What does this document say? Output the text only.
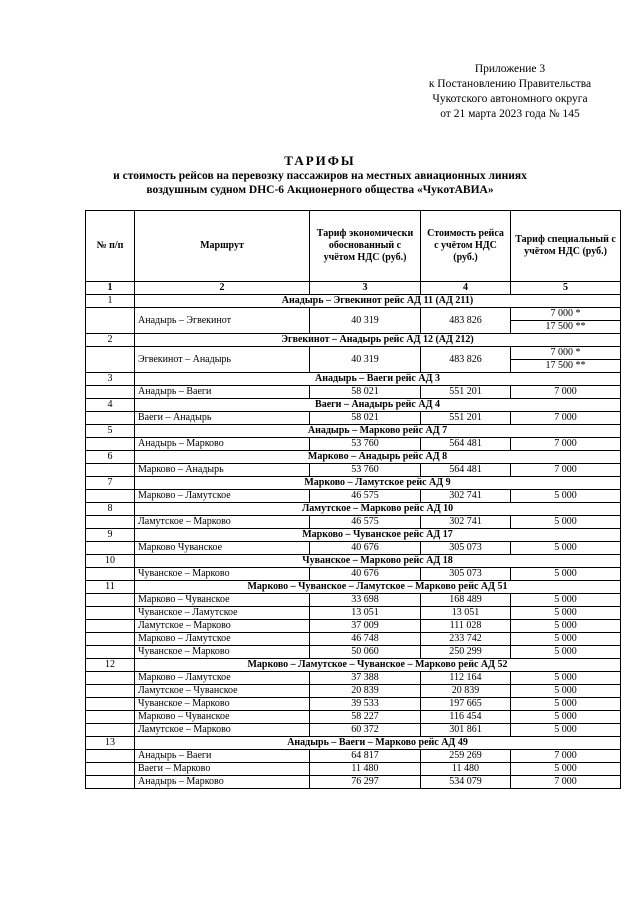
Приложение 3
к Постановлению Правительства
Чукотского автономного округа
от 21 марта 2023 года № 145
ТАРИФЫ
и стоимость рейсов на перевозку пассажиров на местных авиационных линиях
воздушным судном DHC-6 Акционерного общества «ЧукотАВИА»
№ п/п	Маршрут	Тариф экономически обоснованный с учётом НДС (руб.)	Стоимость рейса с учётом НДС (руб.)	Тариф специальный с учётом НДС (руб.)
1	2	3	4	5
1	Анадырь – Эгвекинот рейс АД 11 (АД 211)			
	Анадырь – Эгвекинот	40 319	483 826	7 000 *
				17 500 **
2	Эгвекинот – Анадырь рейс АД 12 (АД 212)			
	Эгвекинот – Анадырь	40 319	483 826	7 000 *
				17 500 **
3	Анадырь – Ваеги рейс АД 3			
	Анадырь – Ваеги	58 021	551 201	7 000
4	Ваеги – Анадырь рейс АД 4			
	Ваеги – Анадырь	58 021	551 201	7 000
5	Анадырь – Марково рейс АД 7			
	Анадырь – Марково	53 760	564 481	7 000
6	Марково – Анадырь рейс АД 8			
	Марково – Анадырь	53 760	564 481	7 000
7	Марково – Ламутское рейс АД 9			
	Марково – Ламутское	46 575	302 741	5 000
8	Ламутское – Марково рейс АД 10			
	Ламутское – Марково	46 575	302 741	5 000
9	Марково – Чуванское рейс АД 17			
	Марково Чуванское	40 676	305 073	5 000
10	Чуванское – Марково рейс АД 18			
	Чуванское – Марково	40 676	305 073	5 000
11	Марково – Чуванское – Ламутское – Марково рейс АД 51			
	Марково – Чуванское	33 698	168 489	5 000
	Чуванское – Ламутское	13 051	13 051	5 000
	Ламутское – Марково	37 009	111 028	5 000
	Марково – Ламутское	46 748	233 742	5 000
	Чуванское – Марково	50 060	250 299	5 000
12	Марково – Ламутское – Чуванское – Марково рейс АД 52			
	Марково – Ламутское	37 388	112 164	5 000
	Ламутское – Чуванское	20 839	20 839	5 000
	Чуванское – Марково	39 533	197 665	5 000
	Марково – Чуванское	58 227	116 454	5 000
	Ламутское – Марково	60 372	301 861	5 000
13	Анадырь – Ваеги – Марково рейс АД 49			
	Анадырь – Ваеги	64 817	259 269	7 000
	Ваеги – Марково	11 480	11 480	5 000
	Анадырь – Марково	76 297	534 079	7 000
